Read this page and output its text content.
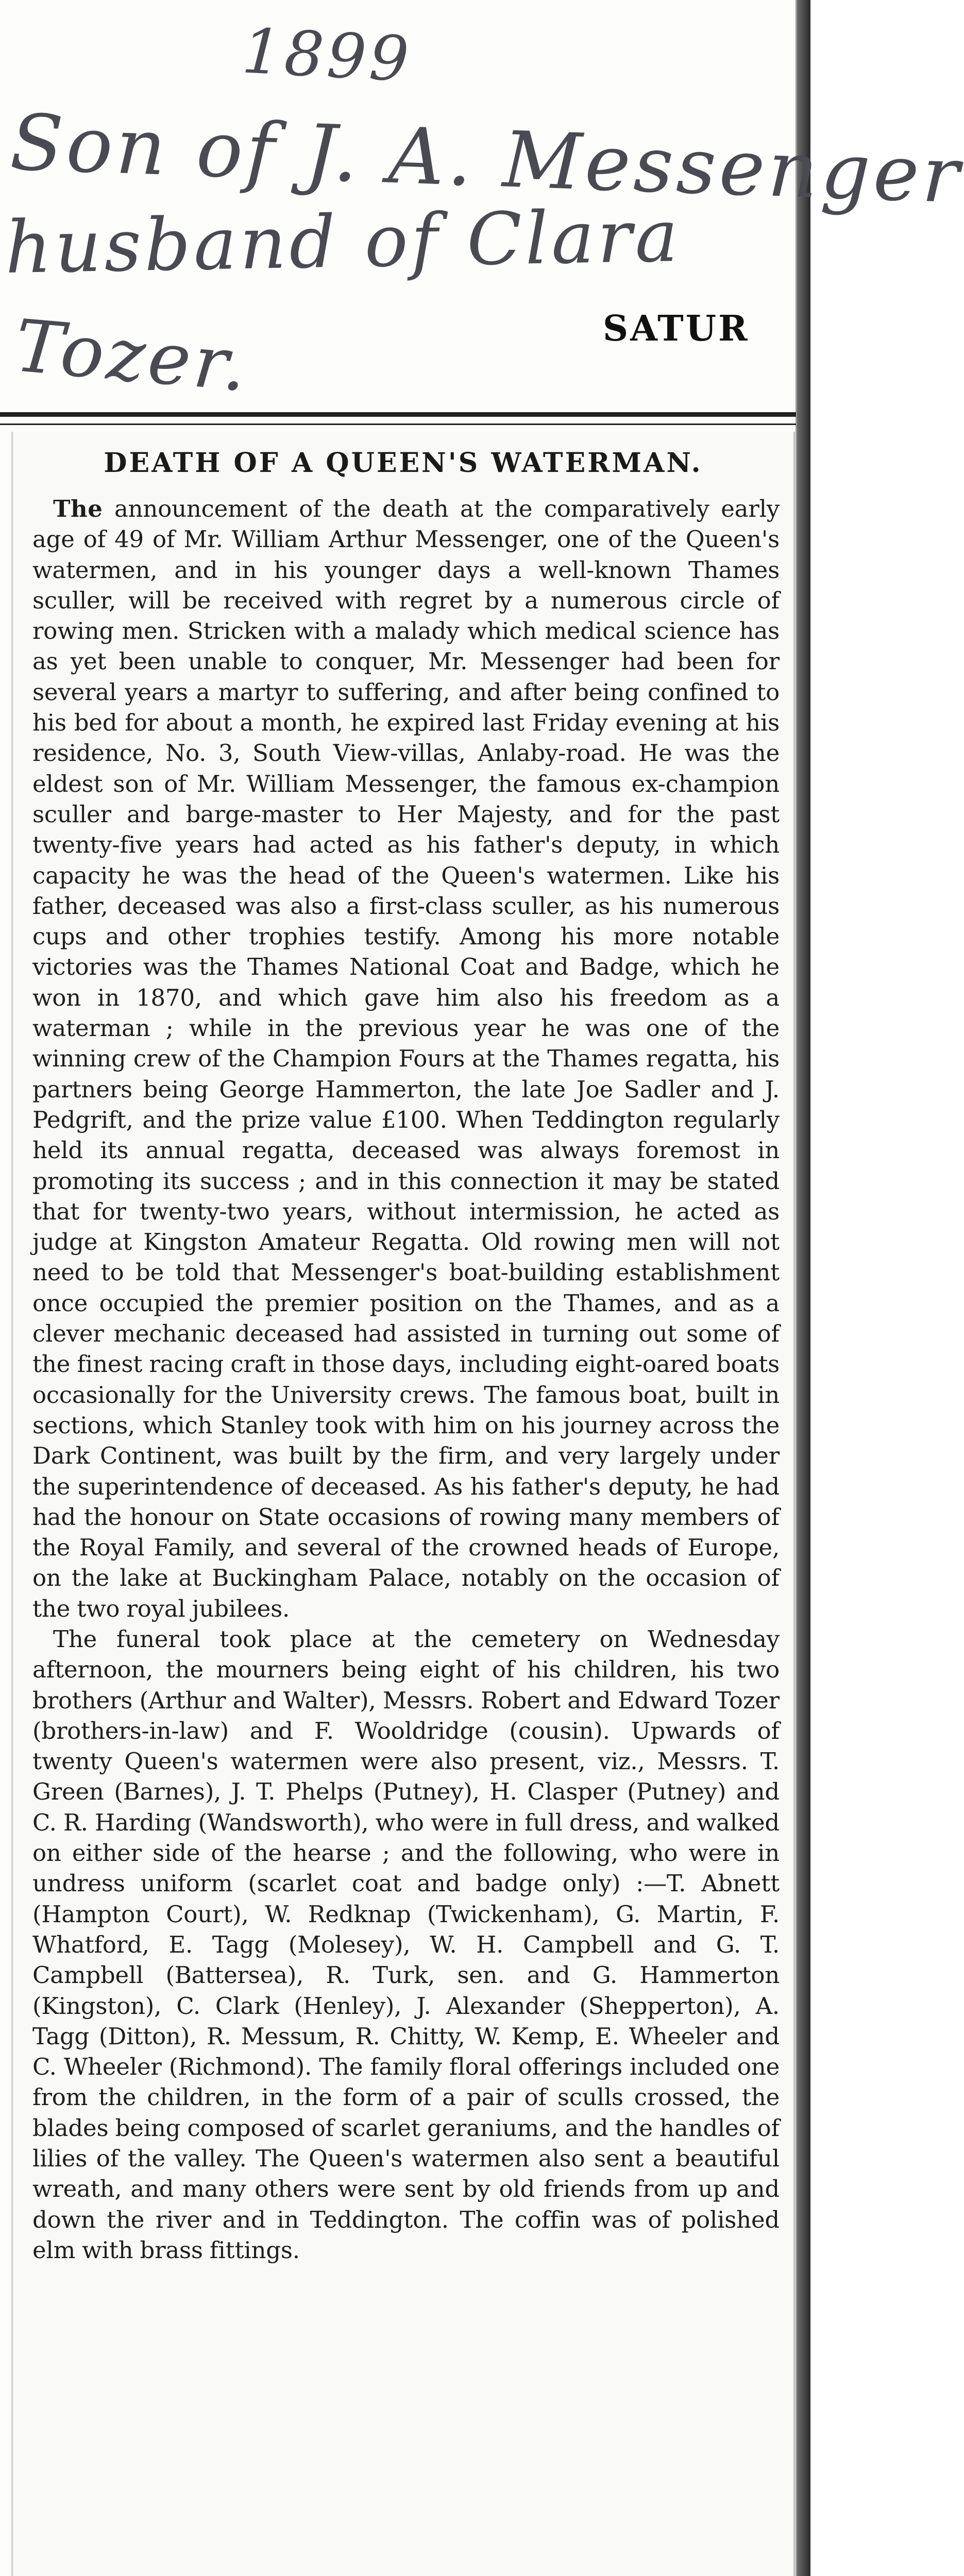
1899
Son of J. A. Messenger
husband of Clara
Tozer.	SATUR
DEATH OF A QUEEN'S WATERMAN.

The announcement of the death at the comparatively early age of 49 of Mr. William Arthur Messenger, one of the Queen's watermen, and in his younger days a well-known Thames sculler, will be received with regret by a numerous circle of rowing men. Stricken with a malady which medical science has as yet been unable to conquer, Mr. Messenger had been for several years a martyr to suffering, and after being confined to his bed for about a month, he expired last Friday evening at his residence, No. 3, South View-villas, Anlaby-road. He was the eldest son of Mr. William Messenger, the famous ex-champion sculler and barge-master to Her Majesty, and for the past twenty-five years had acted as his father's deputy, in which capacity he was the head of the Queen's watermen. Like his father, deceased was also a first-class sculler, as his numerous cups and other trophies testify. Among his more notable victories was the Thames National Coat and Badge, which he won in 1870, and which gave him also his freedom as a waterman ; while in the previous year he was one of the winning crew of the Champion Fours at the Thames regatta, his partners being George Hammerton, the late Joe Sadler and J. Pedgrift, and the prize value £100. When Teddington regularly held its annual regatta, deceased was always foremost in promoting its success ; and in this connection it may be stated that for twenty-two years, without intermission, he acted as judge at Kingston Amateur Regatta. Old rowing men will not need to be told that Messenger's boat-building establishment once occupied the premier position on the Thames, and as a clever mechanic deceased had assisted in turning out some of the finest racing craft in those days, including eight-oared boats occasionally for the University crews. The famous boat, built in sections, which Stanley took with him on his journey across the Dark Continent, was built by the firm, and very largely under the superintendence of deceased. As his father's deputy, he had had the honour on State occasions of rowing many members of the Royal Family, and several of the crowned heads of Europe, on the lake at Buckingham Palace, notably on the occasion of the two royal jubilees.

The funeral took place at the cemetery on Wednesday afternoon, the mourners being eight of his children, his two brothers (Arthur and Walter), Messrs. Robert and Edward Tozer (brothers-in-law) and F. Wooldridge (cousin). Upwards of twenty Queen's watermen were also present, viz., Messrs. T. Green (Barnes), J. T. Phelps (Putney), H. Clasper (Putney) and C. R. Harding (Wandsworth), who were in full dress, and walked on either side of the hearse ; and the following, who were in undress uniform (scarlet coat and badge only) :—T. Abnett (Hampton Court), W. Redknap (Twickenham), G. Martin, F. Whatford, E. Tagg (Molesey), W. H. Campbell and G. T. Campbell (Battersea), R. Turk, sen. and G. Hammerton (Kingston), C. Clark (Henley), J. Alexander (Shepperton), A. Tagg (Ditton), R. Messum, R. Chitty, W. Kemp, E. Wheeler and C. Wheeler (Richmond). The family floral offerings included one from the children, in the form of a pair of sculls crossed, the blades being composed of scarlet geraniums, and the handles of lilies of the valley. The Queen's watermen also sent a beautiful wreath, and many others were sent by old friends from up and down the river and in Teddington. The coffin was of polished elm with brass fittings.
